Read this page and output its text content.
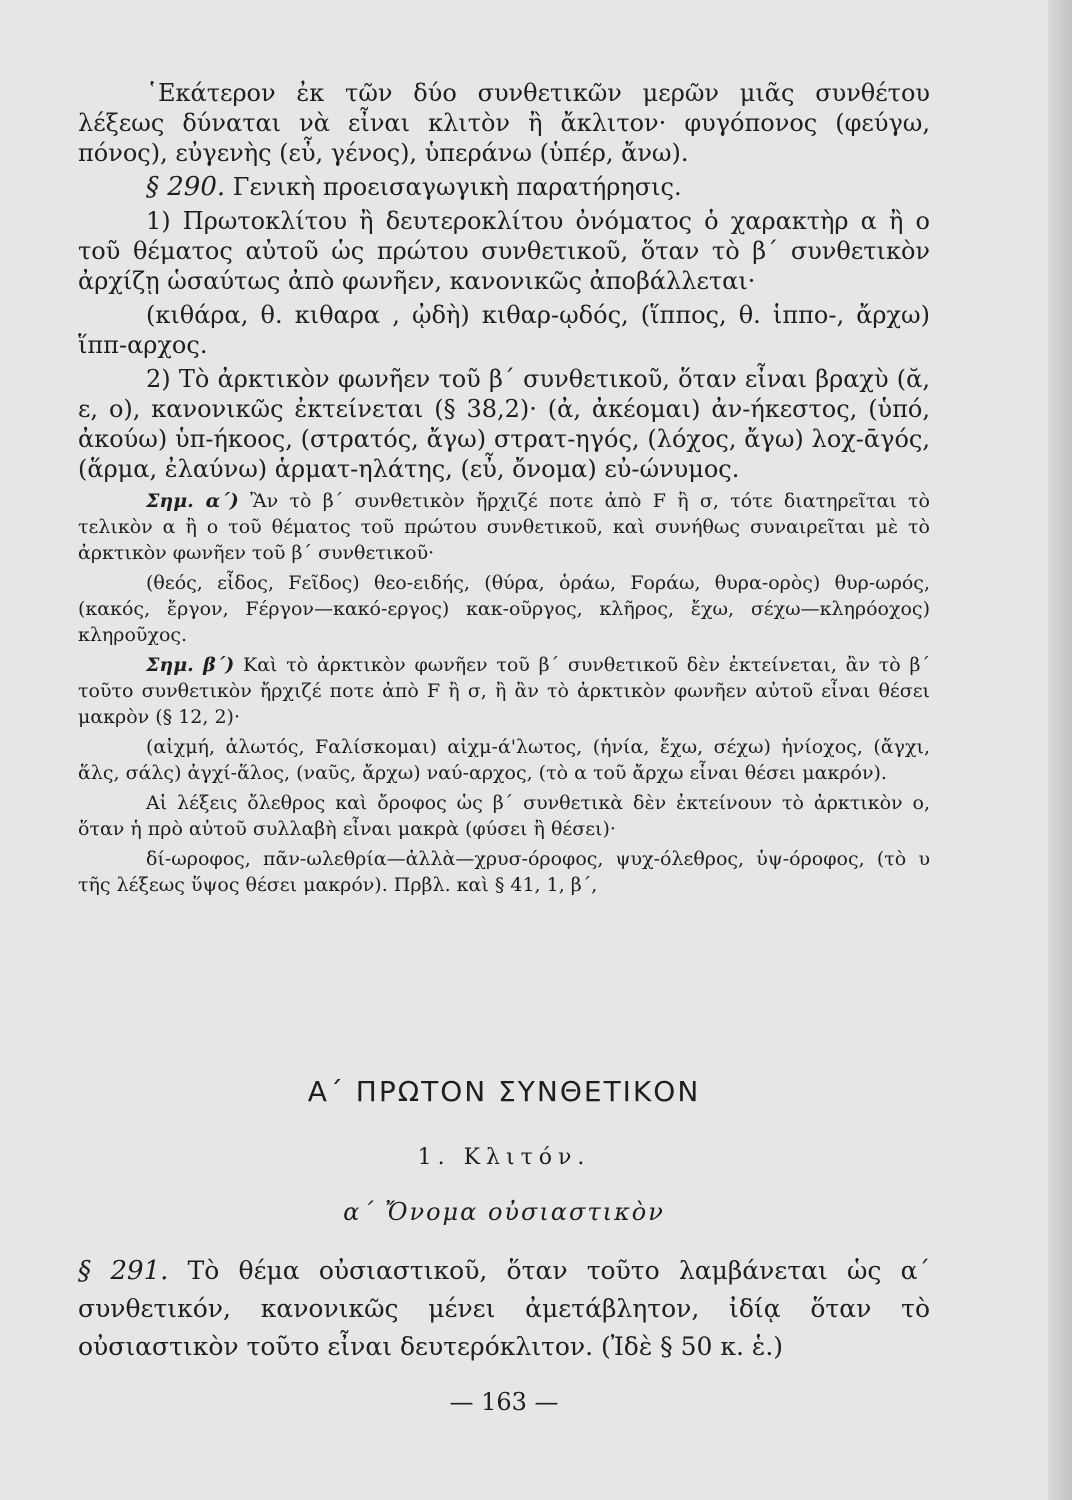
῾Εκάτερον ἐκ τῶν δύο συνθετικῶν μερῶν μιᾶς συνθέτου λέξεως δύναται νὰ εἶναι κλιτὸν ἢ ἄκλιτον· φυγόπονος (φεύγω, πόνος), εὐγενὴς (εὖ, γένος), ὑπεράνω (ὑπέρ, ἄνω).

§ 290. Γενικὴ προεισαγωγικὴ παρατήρησις.

1) Πρωτοκλίτου ἢ δευτεροκλίτου ὀνόματος ὁ χαρακτὴρ α ἢ ο τοῦ θέματος αὐτοῦ ὡς πρώτου συνθετικοῦ, ὅταν τὸ β΄ συνθετικὸν ἀρχίζῃ ὡσαύτως ἀπὸ φωνῆεν, κανονικῶς ἀποβάλλεται·

(κιθάρα, θ. κιθαρα , ᾠδὴ) κιθαρ-ῳδός, (ἵππος, θ. ἱππο-, ἄρχω) ἵππ-αρχος.

2) Τὸ ἀρκτικὸν φωνῆεν τοῦ β΄ συνθετικοῦ, ὅταν εἶναι βραχὺ (ᾰ, ε, ο), κανονικῶς ἐκτείνεται (§ 38,2)· (ἀ, ἀκέομαι) ἀν-ήκεστος, (ὑπό, ἀκούω) ὑπ-ήκοος, (στρατός, ἄγω) στρατ-ηγός, (λόχος, ἄγω) λοχ-ᾱγός, (ἅρμα, ἐλαύνω) ἁρματ-ηλάτης, (εὖ, ὄνομα) εὐ-ώνυμος.

Σημ. α΄) Ἂν τὸ β΄ συνθετικὸν ἤρχιζέ ποτε ἀπὸ F ἢ σ, τότε διατηρεῖται τὸ τελικὸν α ἢ ο τοῦ θέματος τοῦ πρώτου συνθετικοῦ, καὶ συνήθως συναιρεῖται μὲ τὸ ἀρκτικὸν φωνῆεν τοῦ β΄ συνθετικοῦ·

(θεός, εἶδος, Fεῖδος) θεο-ειδής, (θύρα, ὁράω, Fοράω, θυρα-ορὸς) θυρ-ωρός, (κακός, ἔργον, Fέργον—κακό-εργος) κακ-οῦργος, κλῆρος, ἔχω, σέχω—κληρόοχος) κληροῦχος.

Σημ. β΄) Καὶ τὸ ἀρκτικὸν φωνῆεν τοῦ β΄ συνθετικοῦ δὲν ἐκτείνεται, ἂν τὸ β΄ τοῦτο συνθετικὸν ἤρχιζέ ποτε ἀπὸ F ἢ σ, ἢ ἂν τὸ ἀρκτικὸν φωνῆεν αὐτοῦ εἶναι θέσει μακρὸν (§ 12, 2)·

(αἰχμή, ἁλωτός, Fαλίσκομαι) αἰχμ-ά'λωτος, (ἡνία, ἔχω, σέχω) ἡνίοχος, (ἄγχι, ἅλς, σάλς) ἀγχί-ἅλος, (ναῦς, ἄρχω) ναύ-αρχος, (τὸ α τοῦ ἄρχω εἶναι θέσει μακρόν).

Αἱ λέξεις ὄλεθρος καὶ ὄροφος ὡς β΄ συνθετικὰ δὲν ἐκτείνουν τὸ ἀρκτικὸν ο, ὅταν ἡ πρὸ αὐτοῦ συλλαβὴ εἶναι μακρὰ (φύσει ἢ θέσει)·

δί-ωροφος, πᾶν-ωλεθρία—ἀλλὰ—χρυσ-όροφος, ψυχ-όλεθρος, ὑψ-όροφος, (τὸ υ τῆς λέξεως ὕψος θέσει μακρόν). Πρβλ. καὶ § 41, 1, β΄,

Α΄ ΠΡΩΤΟΝ ΣΥΝΘΕΤΙΚΟΝ
1. Κλιτόν.
α΄ Ὄνομα οὐσιαστικὸν
§ 291. Τὸ θέμα οὐσιαστικοῦ, ὅταν τοῦτο λαμβάνεται ὡς α΄ συνθετικόν, κανονικῶς μένει ἀμετάβλητον, ἰδίᾳ ὅταν τὸ οὐσιαστικὸν τοῦτο εἶναι δευτερόκλιτον. (Ἰδὲ § 50 κ. ἑ.)
— 163 —
